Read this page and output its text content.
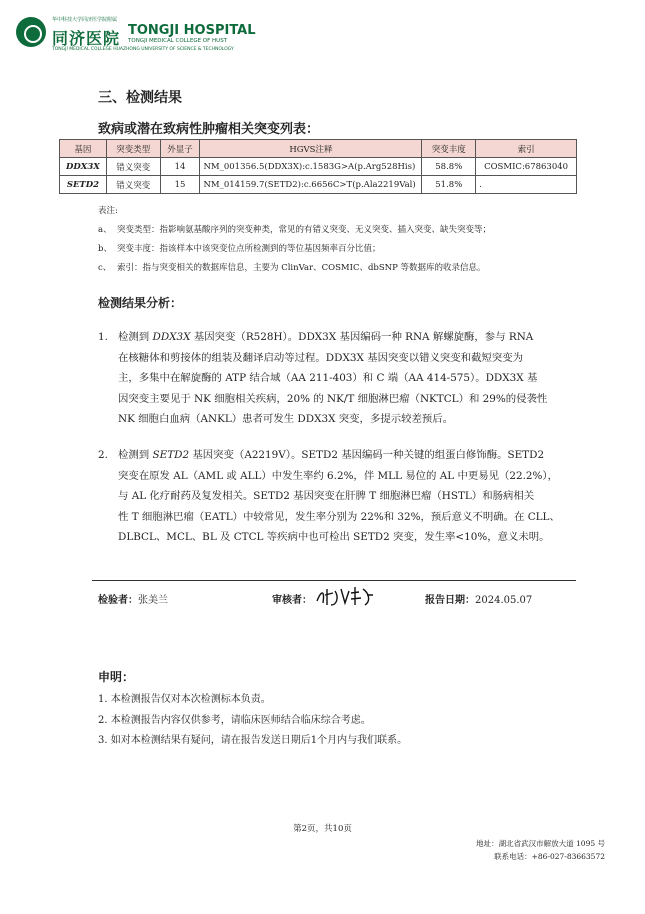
华中科技大学同济医学院附属
同济医院 TONGJI HOSPITAL
TONGJI MEDICAL COLLEGE OF HUST
TONGJI MEDICAL COLLEGE HUAZHONG UNIVERSITY OF SCIENCE & TECHNOLOGY
三、检测结果
致病或潜在致病性肿瘤相关突变列表：
基因	突变类型	外显子	HGVS注释	突变丰度	索引
DDX3X	错义突变	14	NM_001356.5(DDX3X):c.1583G>A(p.Arg528His)	58.8%	COSMIC:67863040
SETD2	错义突变	15	NM_014159.7(SETD2):c.6656C>T(p.Ala2219Val)	51.8%	.
表注:
a、 突变类型：指影响氨基酸序列的突变种类，常见的有错义突变、无义突变、插入突变、缺失突变等；
b、 突变丰度：指该样本中该突变位点所检测到的等位基因频率百分比值；
c、 索引：指与突变相关的数据库信息，主要为 ClinVar、COSMIC、dbSNP 等数据库的收录信息。
检测结果分析：
1. 检测到 DDX3X 基因突变（R528H）。DDX3X 基因编码一种 RNA 解螺旋酶，参与 RNA
在核糖体和剪接体的组装及翻译启动等过程。DDX3X 基因突变以错义突变和截短突变为
主，多集中在解旋酶的 ATP 结合域（AA 211-403）和 C 端（AA 414-575）。DDX3X 基
因突变主要见于 NK 细胞相关疾病，20% 的 NK/T 细胞淋巴瘤（NKTCL）和 29%的侵袭性
NK 细胞白血病（ANKL）患者可发生 DDX3X 突变，多提示较差预后。
2. 检测到 SETD2 基因突变（A2219V）。SETD2 基因编码一种关键的组蛋白修饰酶。SETD2
突变在原发 AL（AML 或 ALL）中发生率约 6.2%，伴 MLL 易位的 AL 中更易见（22.2%），
与 AL 化疗耐药及复发相关。SETD2 基因突变在肝脾 T 细胞淋巴瘤（HSTL）和肠病相关
性 T 细胞淋巴瘤（EATL）中较常见，发生率分别为 22%和 32%，预后意义不明确。在 CLL、
DLBCL、MCL、BL 及 CTCL 等疾病中也可检出 SETD2 突变，发生率<10%，意义未明。
检验者：张美兰	审核者：	报告日期：2024.05.07
申明：
1. 本检测报告仅对本次检测标本负责。
2. 本检测报告内容仅供参考，请临床医师结合临床综合考虑。
3. 如对本检测结果有疑问，请在报告发送日期后1个月内与我们联系。
第2页，共10页
地址：湖北省武汉市解放大道 1095 号
联系电话：+86-027-83663572
